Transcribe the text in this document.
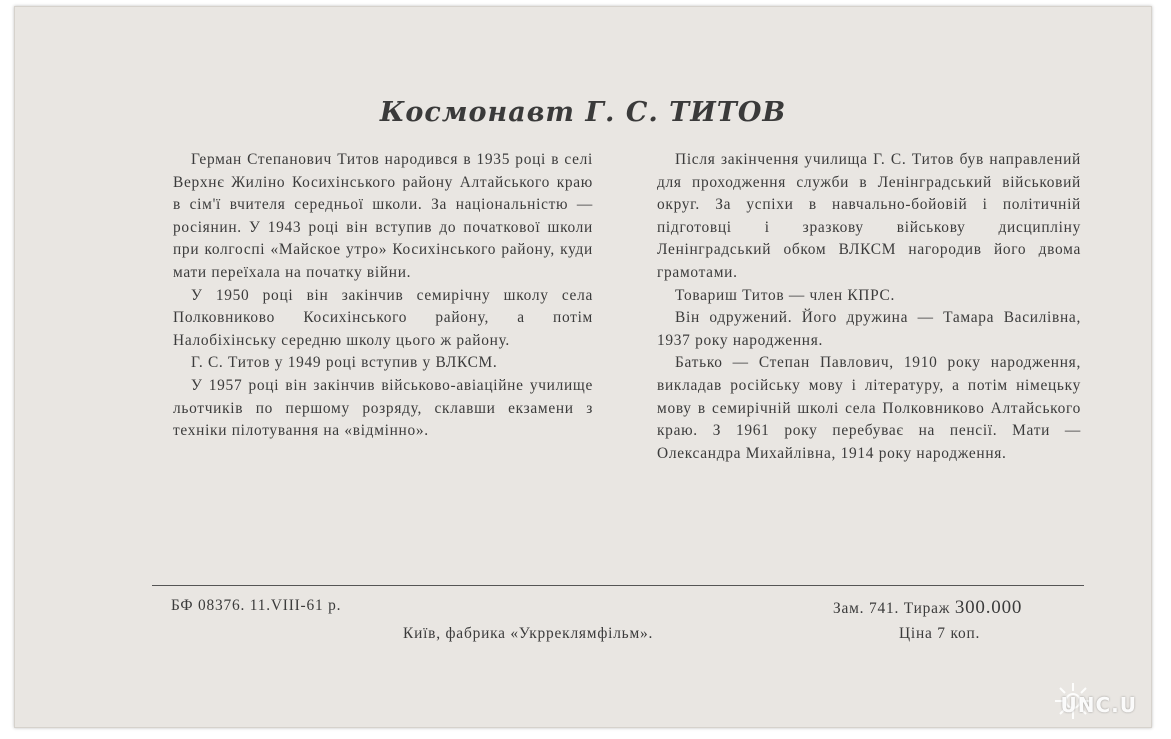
Космонавт Г. С. ТИТОВ

Герман Степанович Титов народився в 1935 році в селі Верхнє Жиліно Косихінського району Алтайського краю в сім'ї вчителя середньої школи. За національністю — росіянин. У 1943 році він вступив до початкової школи при колгоспі «Майское утро» Косихінського району, куди мати переїхала на початку війни.

У 1950 році він закінчив семирічну школу села Полковниково Косихінського району, а потім Налобіхінську середню школу цього ж району.

Г. С. Титов у 1949 році вступив у ВЛКСМ.

У 1957 році він закінчив військово-авіаційне училище льотчиків по першому розряду, склавши екзамени з техніки пілотування на «відмінно».

Після закінчення училища Г. С. Титов був направлений для проходження служби в Ленінградський військовий округ. За успіхи в навчально-бойовій і політичній підготовці і зразкову військову дисципліну Ленінградський обком ВЛКСМ нагородив його двома грамотами.

Товариш Титов — член КПРС.

Він одружений. Його дружина — Тамара Василівна, 1937 року народження.

Батько — Степан Павлович, 1910 року народження, викладав російську мову і літературу, а потім німецьку мову в семирічній школі села Полковниково Алтайського краю. З 1961 року перебуває на пенсії. Мати — Олександра Михайлівна, 1914 року народження.

БФ 08376. 11.VIII-61 р.	Зам. 741. Тираж 300.000
Київ, фабрика «Укрреклямфільм».	Ціна 7 коп.
UNC.U
